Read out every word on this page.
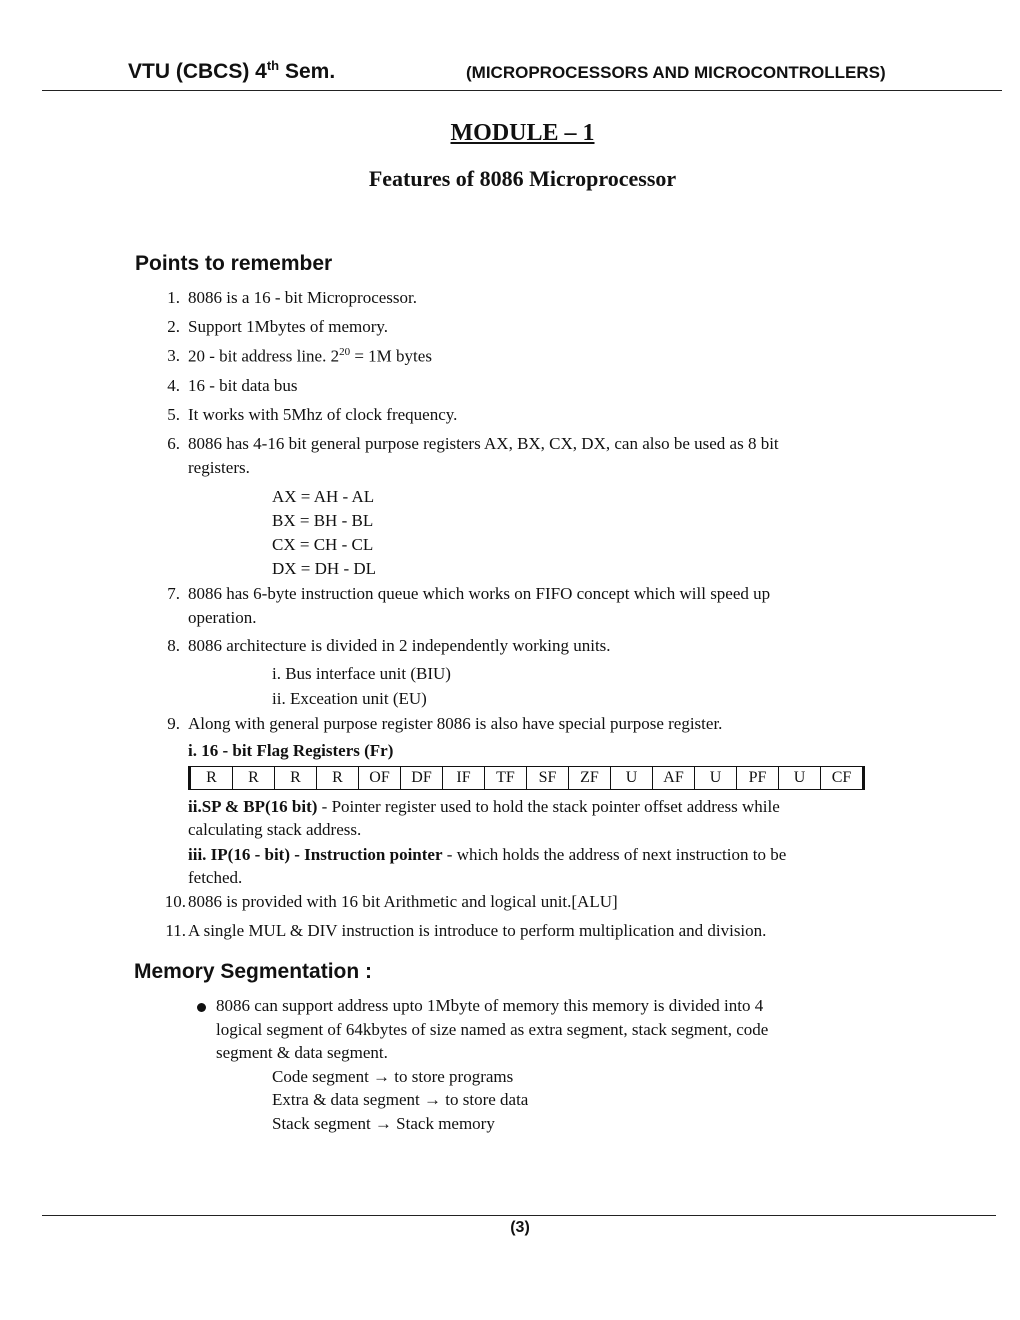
VTU (CBCS) 4th Sem.	(MICROPROCESSORS AND MICROCONTROLLERS)
MODULE – 1
Features of 8086 Microprocessor
Points to remember
1. 8086 is a 16 - bit Microprocessor.
2. Support 1Mbytes of memory.
3. 20 - bit address line. $2^{20} = 1M$ bytes
4. 16 - bit data bus
5. It works with 5Mhz of clock frequency.
6. 8086 has 4-16 bit general purpose registers AX, BX, CX, DX, can also be used as 8 bit
registers.
AX = AH - AL
BX = BH - BL
CX = CH - CL
DX = DH - DL
7. 8086 has 6-byte instruction queue which works on FIFO concept which will speed up
operation.
8. 8086 architecture is divided in 2 independently working units.
i. Bus interface unit (BIU)
ii. Exceation unit (EU)
9. Along with general purpose register 8086 is also have special purpose register.
i. 16 - bit Flag Registers (Fr)
R	R	R	R	OF	DF	IF	TF	SF	ZF	U	AF	U	PF	U	CF
ii.SP & BP(16 bit) - Pointer register used to hold the stack pointer offset address while
calculating stack address.
iii. IP(16 - bit) - Instruction pointer - which holds the address of next instruction to be
fetched.
10. 8086 is provided with 16 bit Arithmetic and logical unit.[ALU]
11. A single MUL & DIV instruction is introduce to perform multiplication and division.
Memory Segmentation :
8086 can support address upto 1Mbyte of memory this memory is divided into 4
logical segment of 64kbytes of size named as extra segment, stack segment, code
segment & data segment.
Code segment → to store programs
Extra & data segment → to store data
Stack segment → Stack memory
(3)
